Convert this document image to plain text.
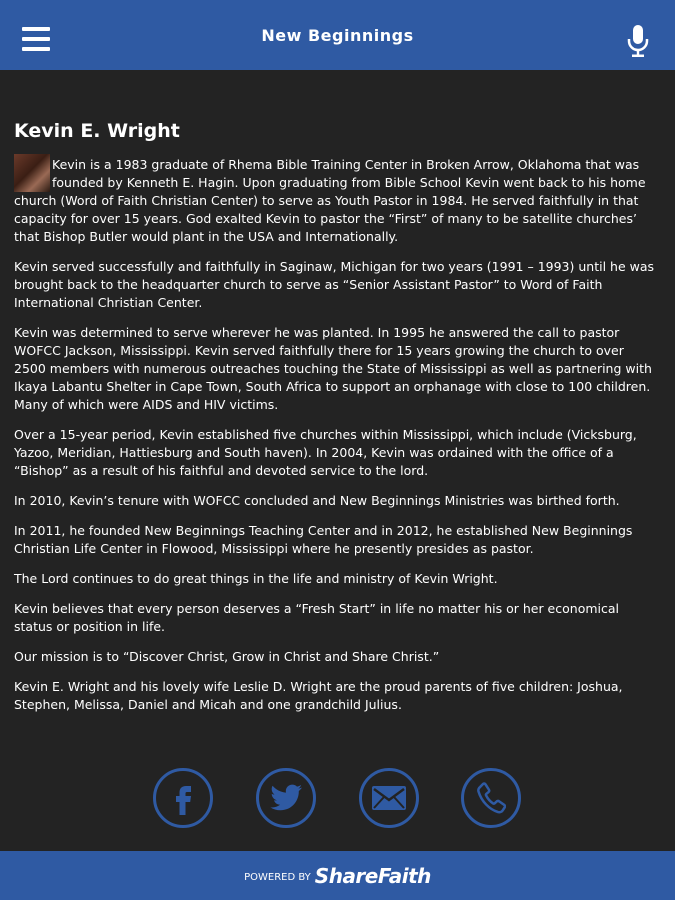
New Beginnings
Kevin E. Wright

Kevin is a 1983 graduate of Rhema Bible Training Center in Broken Arrow, Oklahoma that was founded by Kenneth E. Hagin. Upon graduating from Bible School Kevin went back to his home church (Word of Faith Christian Center) to serve as Youth Pastor in 1984. He served faithfully in that capacity for over 15 years. God exalted Kevin to pastor the “First” of many to be satellite churches’ that Bishop Butler would plant in the USA and Internationally.

Kevin served successfully and faithfully in Saginaw, Michigan for two years (1991 – 1993) until he was brought back to the headquarter church to serve as “Senior Assistant Pastor” to Word of Faith International Christian Center.

Kevin was determined to serve wherever he was planted. In 1995 he answered the call to pastor WOFCC Jackson, Mississippi. Kevin served faithfully there for 15 years growing the church to over 2500 members with numerous outreaches touching the State of Mississippi as well as partnering with Ikaya Labantu Shelter in Cape Town, South Africa to support an orphanage with close to 100 children. Many of which were AIDS and HIV victims.

Over a 15-year period, Kevin established five churches within Mississippi, which include (Vicksburg, Yazoo, Meridian, Hattiesburg and South haven). In 2004, Kevin was ordained with the office of a “Bishop” as a result of his faithful and devoted service to the lord.

In 2010, Kevin’s tenure with WOFCC concluded and New Beginnings Ministries was birthed forth.

In 2011, he founded New Beginnings Teaching Center and in 2012, he established New Beginnings Christian Life Center in Flowood, Mississippi where he presently presides as pastor.

The Lord continues to do great things in the life and ministry of Kevin Wright.

Kevin believes that every person deserves a “Fresh Start” in life no matter his or her economical status or position in life.

Our mission is to “Discover Christ, Grow in Christ and Share Christ.”

Kevin E. Wright and his lovely wife Leslie D. Wright are the proud parents of five children: Joshua, Stephen, Melissa, Daniel and Micah and one grandchild Julius.

POWERED BY ShareFaith
